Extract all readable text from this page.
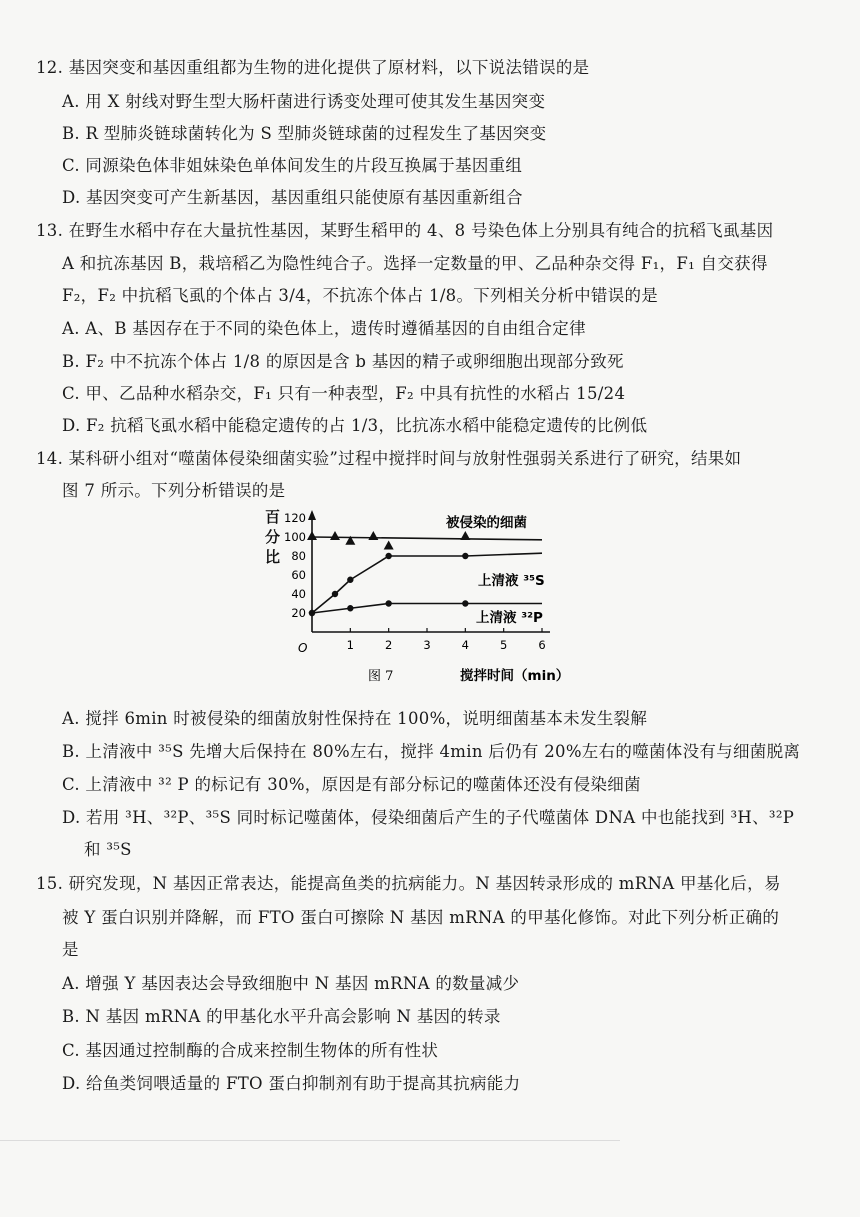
12. 基因突变和基因重组都为生物的进化提供了原材料，以下说法错误的是
A. 用 X 射线对野生型大肠杆菌进行诱变处理可使其发生基因突变
B. R 型肺炎链球菌转化为 S 型肺炎链球菌的过程发生了基因突变
C. 同源染色体非姐妹染色单体间发生的片段互换属于基因重组
D. 基因突变可产生新基因，基因重组只能使原有基因重新组合
13. 在野生水稻中存在大量抗性基因，某野生稻甲的 4、8 号染色体上分别具有纯合的抗稻飞虱基因
A 和抗冻基因 B，栽培稻乙为隐性纯合子。选择一定数量的甲、乙品种杂交得 F₁，F₁ 自交获得
F₂，F₂ 中抗稻飞虱的个体占 3/4，不抗冻个体占 1/8。下列相关分析中错误的是
A. A、B 基因存在于不同的染色体上，遗传时遵循基因的自由组合定律
B. F₂ 中不抗冻个体占 1/8 的原因是含 b 基因的精子或卵细胞出现部分致死
C. 甲、乙品种水稻杂交，F₁ 只有一种表型，F₂ 中具有抗性的水稻占 15/24
D. F₂ 抗稻飞虱水稻中能稳定遗传的占 1/3，比抗冻水稻中能稳定遗传的比例低
14. 某科研小组对“噬菌体侵染细菌实验”过程中搅拌时间与放射性强弱关系进行了研究，结果如
图 7 所示。下列分析错误的是
百分比
O
120
100
80
60
40
20
1	2	3	4	5	6
被侵染的细菌
上清液 ³⁵S
上清液 ³²P
图 7	搅拌时间（min）
A. 搅拌 6min 时被侵染的细菌放射性保持在 100%，说明细菌基本未发生裂解
B. 上清液中 ³⁵S 先增大后保持在 80%左右，搅拌 4min 后仍有 20%左右的噬菌体没有与细菌脱离
C. 上清液中 ³² P 的标记有 30%，原因是有部分标记的噬菌体还没有侵染细菌
D. 若用 ³H、³²P、³⁵S 同时标记噬菌体，侵染细菌后产生的子代噬菌体 DNA 中也能找到 ³H、³²P
和 ³⁵S
15. 研究发现，N 基因正常表达，能提高鱼类的抗病能力。N 基因转录形成的 mRNA 甲基化后，易
被 Y 蛋白识别并降解，而 FTO 蛋白可擦除 N 基因 mRNA 的甲基化修饰。对此下列分析正确的
是
A. 增强 Y 基因表达会导致细胞中 N 基因 mRNA 的数量减少
B. N 基因 mRNA 的甲基化水平升高会影响 N 基因的转录
C. 基因通过控制酶的合成来控制生物体的所有性状
D. 给鱼类饲喂适量的 FTO 蛋白抑制剂有助于提高其抗病能力
